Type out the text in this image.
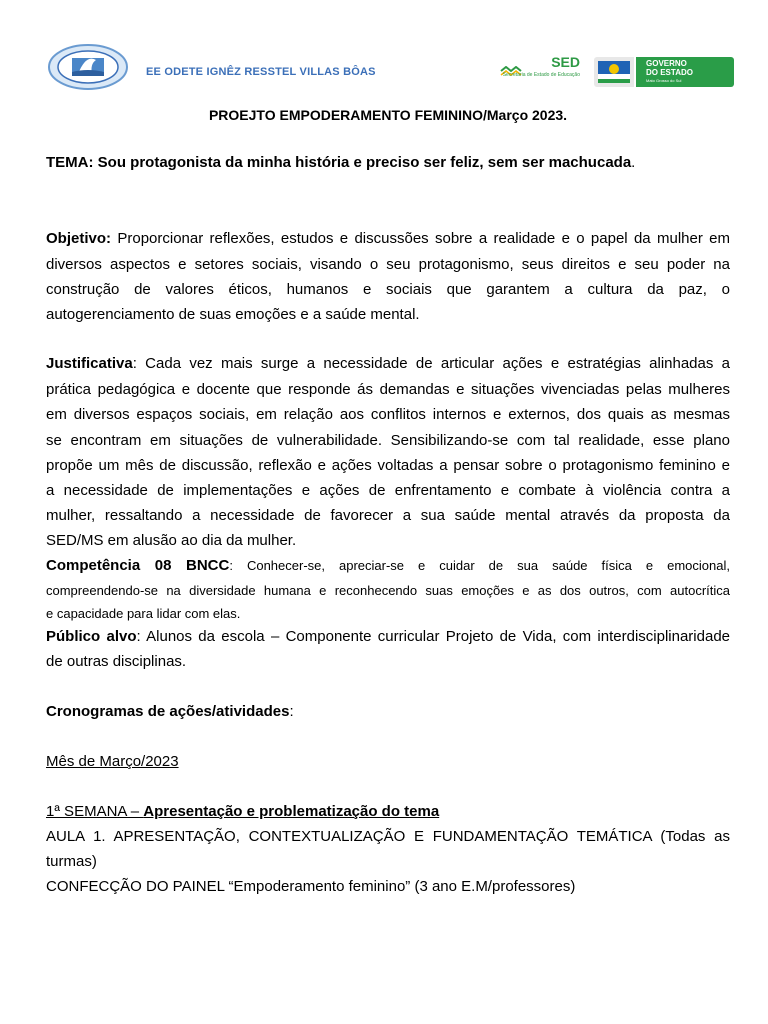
EE ODETE IGNÊZ RESSTEL VILLAS BÔAS
SED
Secretaria de Estado de Educação
GOVERNO
DO ESTADO
Mato Grosso do Sul
PROEJTO EMPODERAMENTO FEMININO/Março 2023.
TEMA: Sou protagonista da minha história e preciso ser feliz, sem ser machucada.
Objetivo: Proporcionar reflexões, estudos e discussões sobre a realidade e o papel da mulher em
diversos aspectos e setores sociais, visando o seu protagonismo, seus direitos e seu poder na
construção de valores éticos, humanos e sociais que garantem a cultura da paz, o
autogerenciamento de suas emoções e a saúde mental.
Justificativa: Cada vez mais surge a necessidade de articular ações e estratégias alinhadas a
prática pedagógica e docente que responde ás demandas e situações vivenciadas pelas mulheres
em diversos espaços sociais, em relação aos conflitos internos e externos, dos quais as mesmas
se encontram em situações de vulnerabilidade. Sensibilizando-se com tal realidade, esse plano
propõe um mês de discussão, reflexão e ações voltadas a pensar sobre o protagonismo feminino e
a necessidade de implementações e ações de enfrentamento e combate à violência contra a
mulher, ressaltando a necessidade de favorecer a sua saúde mental através da proposta da
SED/MS em alusão ao dia da mulher.
Competência 08 BNCC: Conhecer-se, apreciar-se e cuidar de sua saúde física e emocional,
compreendendo-se na diversidade humana e reconhecendo suas emoções e as dos outros, com autocrítica
e capacidade para lidar com elas.
Público alvo: Alunos da escola – Componente curricular Projeto de Vida, com interdisciplinaridade
de outras disciplinas.
Cronogramas de ações/atividades:
Mês de Março/2023
1ª SEMANA – Apresentação e problematização do tema
AULA 1. APRESENTAÇÃO, CONTEXTUALIZAÇÃO E FUNDAMENTAÇÃO TEMÁTICA (Todas as
turmas)
CONFECÇÃO DO PAINEL “Empoderamento feminino” (3 ano E.M/professores)
